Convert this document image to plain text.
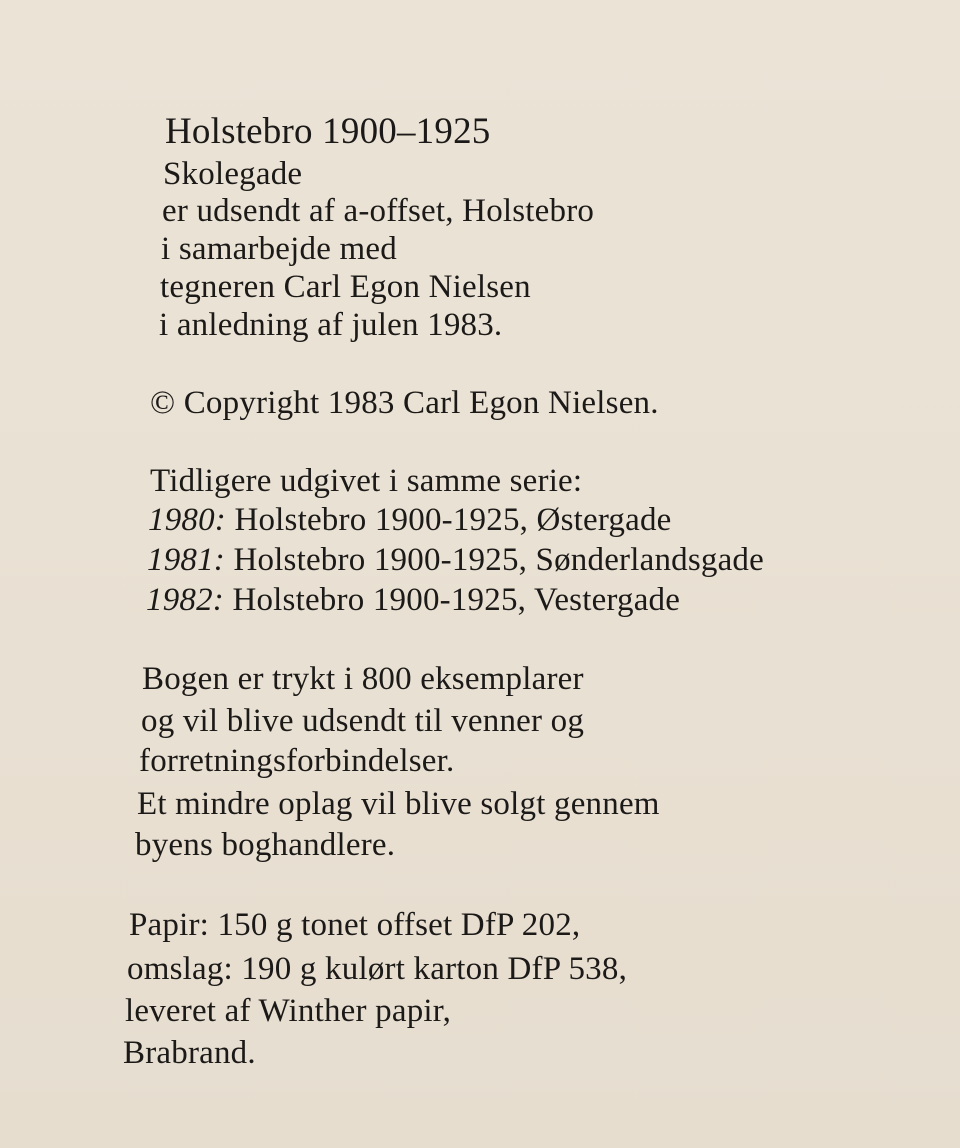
Holstebro 1900–1925
Skolegade
er udsendt af a-offset, Holstebro
i samarbejde med
tegneren Carl Egon Nielsen
i anledning af julen 1983.
© Copyright 1983 Carl Egon Nielsen.
Tidligere udgivet i samme serie:
1980: Holstebro 1900-1925, Østergade
1981: Holstebro 1900-1925, Sønderlandsgade
1982: Holstebro 1900-1925, Vestergade
Bogen er trykt i 800 eksemplarer
og vil blive udsendt til venner og
forretningsforbindelser.
Et mindre oplag vil blive solgt gennem
byens boghandlere.
Papir: 150 g tonet offset DfP 202,
omslag: 190 g kulørt karton DfP 538,
leveret af Winther papir,
Brabrand.
